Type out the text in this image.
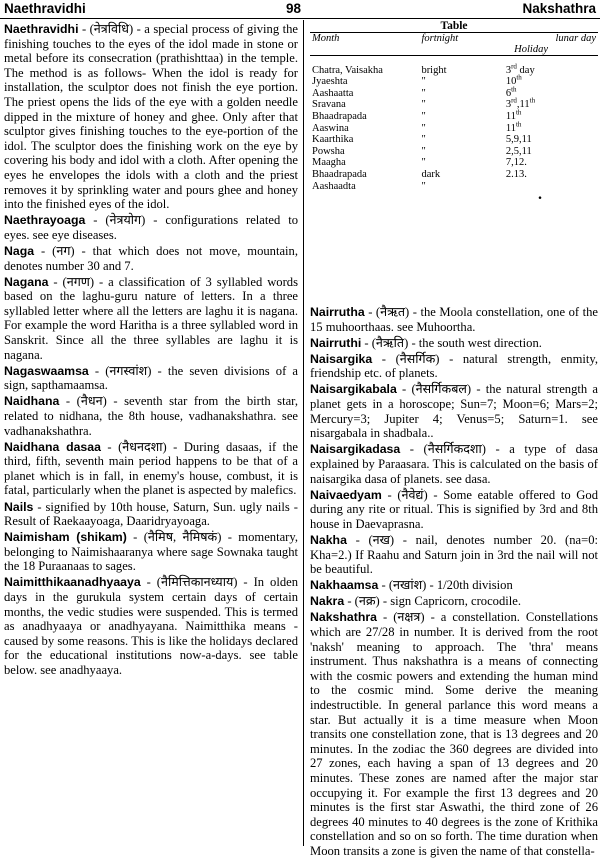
Naethravidhi	98	Nakshathra
Naethravidhi - (नेत्रविधि) - a special process of giving the finishing touches to the eyes of the idol made in stone or metal before its consecration (prathishttaa) in the temple. The method is as follows- When the idol is ready for installation, the sculptor does not finish the eye portion. The priest opens the lids of the eye with a golden needle dipped in the mixture of honey and ghee. Only after that sculptor gives finishing touches to the eye-portion of the idol. The sculptor does the finishing work on the eye by covering his body and idol with a cloth. After opening the eyes he envelopes the idols with a cloth and the priest removes it by sprinkling water and pours ghee and honey into the finished eyes of the idol.
Naethrayoaga - (नेत्रयोग) - configurations related to eyes. see eye diseases.
Naga - (नग) - that which does not move, mountain, denotes number 30 and 7.
Nagana - (नगण) - a classification of 3 syllabled words based on the laghu-guru nature of letters. In a three syllabled letter where all the letters are laghu it is nagana. For example the word Haritha is a three syllabled word in Sanskrit. Since all the three syllables are laghu it is nagana.
Nagaswaamsa - (नगस्वांश) - the seven divisions of a sign, sapthamaamsa.
Naidhana - (नैधन) - seventh star from the birth star, related to nidhana, the 8th house, vadhanakshathra. see vadhanakshathra.
Naidhana dasaa - (नैधनदशा) - During dasaas, if the third, fifth, seventh main period happens to be that of a planet which is in fall, in enemy's house, combust, it is fatal, particularly when the planet is aspected by malefics.
Nails - signified by 10th house, Saturn, Sun. ugly nails - Result of Raekaayoaga, Daaridryayoaga.
Naimisham (shikam) - (नैमिष, नैमिषकं) - momentary, belonging to Naimishaaranya where sage Sownaka taught the 18 Puraanaas to sages.
Naimitthikaanadhyaaya - (नैमित्तिकानध्याय) - In olden days in the gurukula system certain days of certain months, the vedic studies were suspended. This is termed as anadhyaaya or anadhyayana. Naimitthika means - caused by some reasons. This is like the holidays declared for the educational institutions now-a-days. see table below. see anadhyaaya.
Table
Month	fortnight	lunar day
Holiday
Chatra, Vaisakha	bright	3rd day
Jyaeshta	"	10th
Aashaatta	"	6th
Sravana	"	3rd,11th
Bhaadrapada	"	11th
Aaswina	"	11th
Kaarthika	"	5,9,11
Powsha	"	2,5,11
Maagha	"	7,12.
Bhaadrapada	dark	2.13.
Aashaadta	"		.
Nairrutha - (नैऋत) - the Moola constellation, one of the 15 muhoorthaas. see Muhoortha.
Nairruthi - (नैऋति) - the south west direction.
Naisargika - (नैसर्गिक) - natural strength, enmity, friendship etc. of planets.
Naisargikabala - (नैसर्गिकबल) - the natural strength a planet gets in a horoscope; Sun=7; Moon=6; Mars=2; Mercury=3; Jupiter 4; Venus=5; Saturn=1. see nisargabala in shadbala..
Naisargikadasa - (नैसर्गिकदशा) - a type of dasa explained by Paraasara. This is calculated on the basis of naisargika dasa of planets. see dasa.
Naivaedyam - (नैवेद्यं) - Some eatable offered to God during any rite or ritual. This is signified by 3rd and 8th house in Daevaprasna.
Nakha - (नख) - nail, denotes number 20. (na=0: Kha=2.) If Raahu and Saturn join in 3rd the nail will not be beautiful.
Nakhaamsa - (नखांश) - 1/20th division
Nakra - (नक्र) - sign Capricorn, crocodile.
Nakshathra - (नक्षत्र) - a constellation. Constellations which are 27/28 in number. It is derived from the root 'naksh' meaning to approach. The 'thra' means instrument. Thus nakshathra is a means of connecting with the cosmic powers and extending the human mind to the cosmic mind. Some derive the meaning indestructible. In general parlance this word means a star. But actually it is a time measure when Moon transits one constellation zone, that is 13 degrees and 20 minutes. In the zodiac the 360 degrees are divided into 27 zones, each having a span of 13 degrees and 20 minutes. These zones are named after the major star occupying it. For example the first 13 degrees and 20 minutes is the first star Aswathi, the third zone of 26 degrees 40 minutes to 40 degrees is the zone of Krithika constellation and so on so forth. The time duration when Moon transits a zone is given the name of that constella-
